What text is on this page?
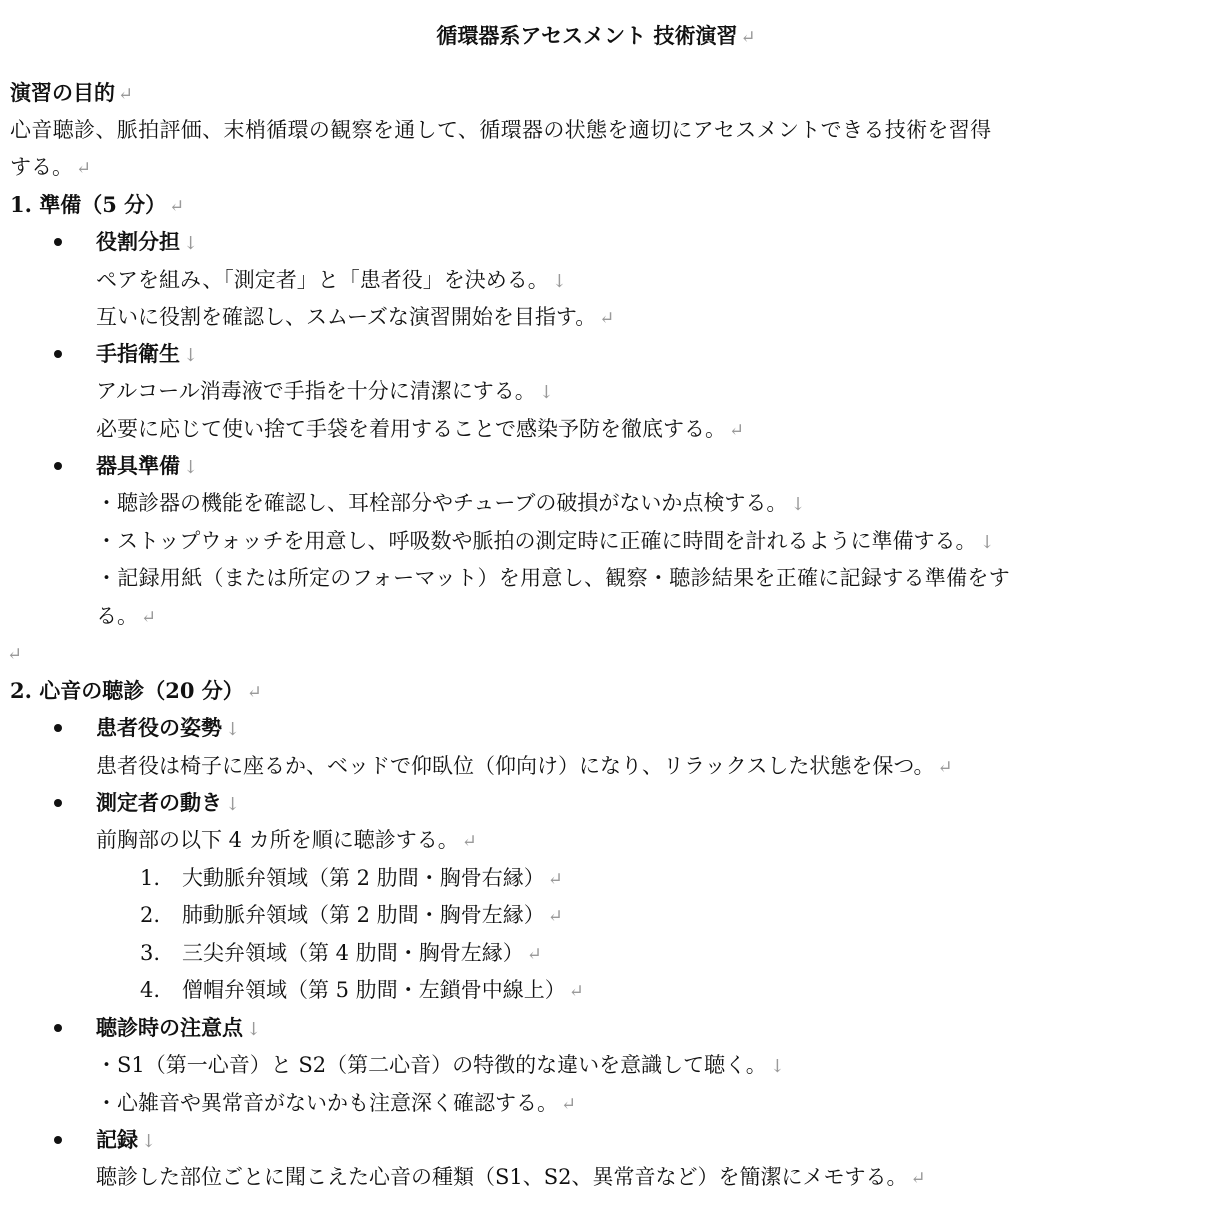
循環器系アセスメント 技術演習 ↵
演習の目的 ↵
心音聴診、脈拍評価、末梢循環の観察を通して、循環器の状態を適切にアセスメントできる技術を習得
する。 ↵
1. 準備（5 分） ↵
役割分担 ↓
ペアを組み、「測定者」と「患者役」を決める。 ↓
互いに役割を確認し、スムーズな演習開始を目指す。 ↵
手指衛生 ↓
アルコール消毒液で手指を十分に清潔にする。 ↓
必要に応じて使い捨て手袋を着用することで感染予防を徹底する。 ↵
器具準備 ↓
・聴診器の機能を確認し、耳栓部分やチューブの破損がないか点検する。 ↓
・ストップウォッチを用意し、呼吸数や脈拍の測定時に正確に時間を計れるように準備する。 ↓
・記録用紙（または所定のフォーマット）を用意し、観察・聴診結果を正確に記録する準備をす
る。 ↵
↵
2. 心音の聴診（20 分） ↵
患者役の姿勢 ↓
患者役は椅子に座るか、ベッドで仰臥位（仰向け）になり、リラックスした状態を保つ。 ↵
測定者の動き ↓
前胸部の以下 4 カ所を順に聴診する。 ↵
1. 大動脈弁領域（第 2 肋間・胸骨右縁） ↵
2. 肺動脈弁領域（第 2 肋間・胸骨左縁） ↵
3. 三尖弁領域（第 4 肋間・胸骨左縁） ↵
4. 僧帽弁領域（第 5 肋間・左鎖骨中線上） ↵
聴診時の注意点 ↓
・S1（第一心音）と S2（第二心音）の特徴的な違いを意識して聴く。 ↓
・心雑音や異常音がないかも注意深く確認する。 ↵
記録 ↓
聴診した部位ごとに聞こえた心音の種類（S1、S2、異常音など）を簡潔にメモする。 ↵
